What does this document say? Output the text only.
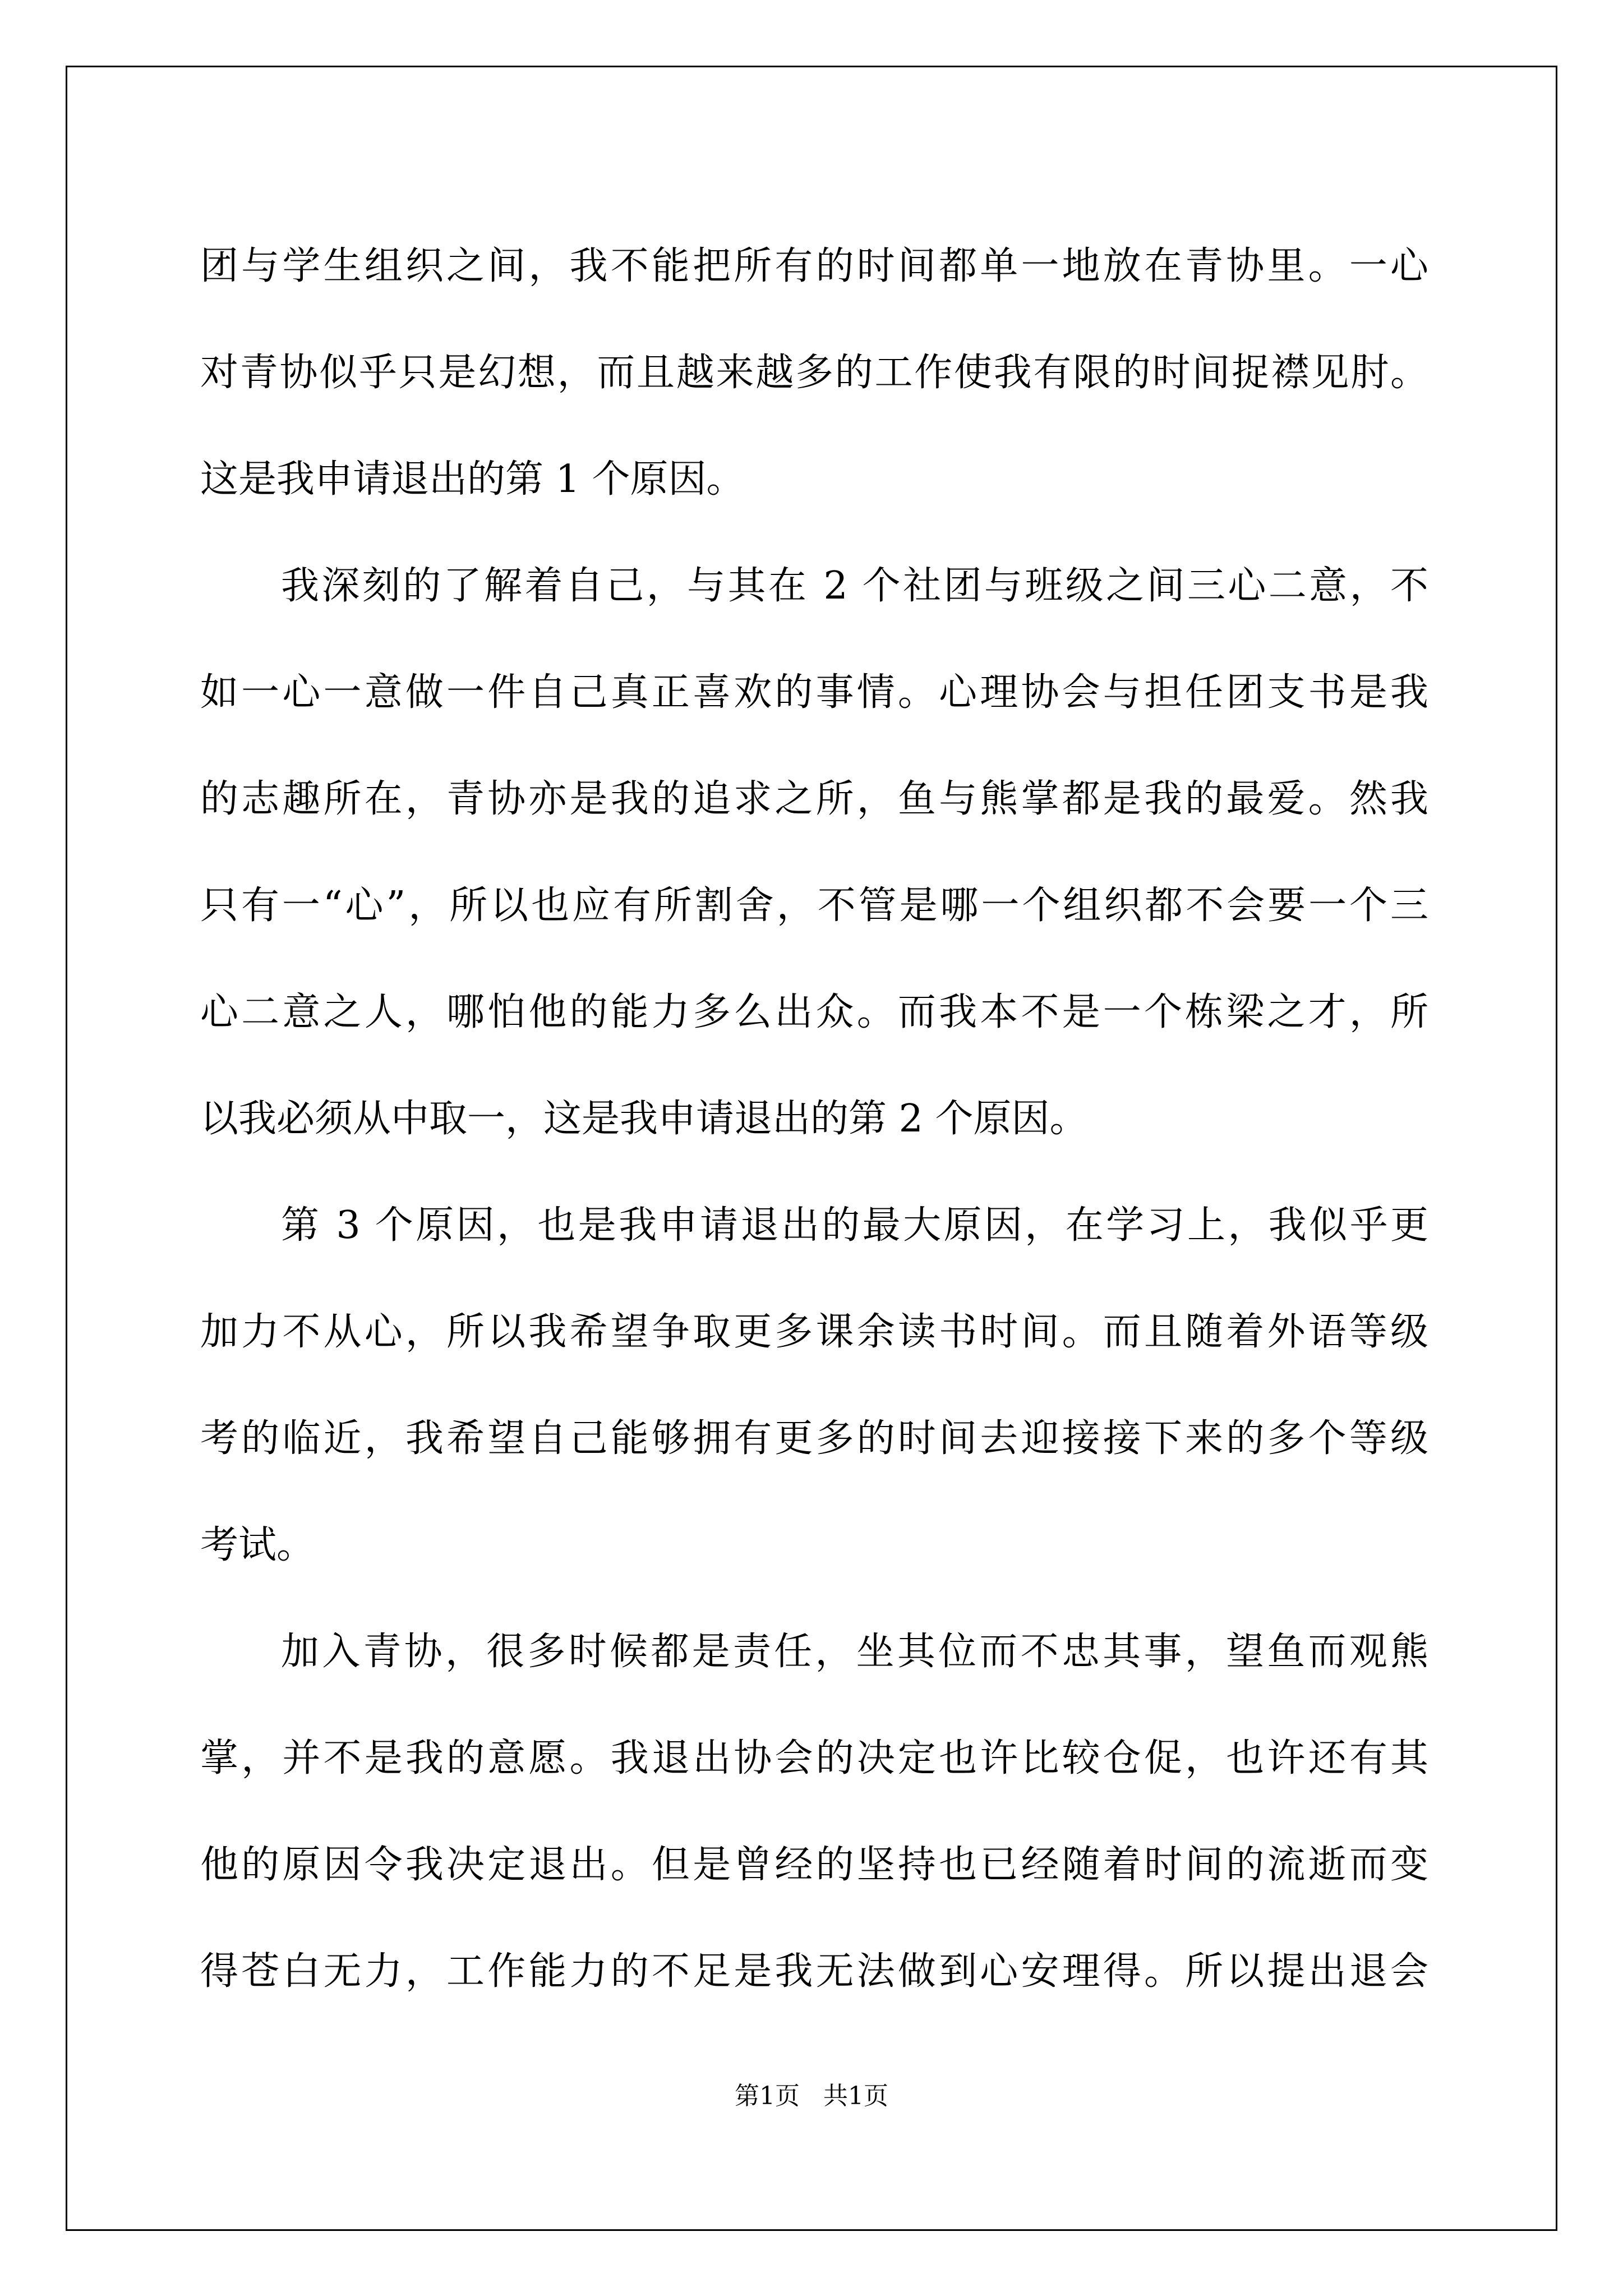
团与学生组织之间，我不能把所有的时间都单一地放在青协里。一心
对青协似乎只是幻想，而且越来越多的工作使我有限的时间捉襟见肘。
这是我申请退出的第 1 个原因。
我深刻的了解着自己，与其在 2 个社团与班级之间三心二意，不
如一心一意做一件自己真正喜欢的事情。心理协会与担任团支书是我
的志趣所在，青协亦是我的追求之所，鱼与熊掌都是我的最爱。然我
只有一“心”，所以也应有所割舍，不管是哪一个组织都不会要一个三
心二意之人，哪怕他的能力多么出众。而我本不是一个栋梁之才，所
以我必须从中取一，这是我申请退出的第 2 个原因。
第 3 个原因，也是我申请退出的最大原因，在学习上，我似乎更
加力不从心，所以我希望争取更多课余读书时间。而且随着外语等级
考的临近，我希望自己能够拥有更多的时间去迎接接下来的多个等级
考试。
加入青协，很多时候都是责任，坐其位而不忠其事，望鱼而观熊
掌，并不是我的意愿。我退出协会的决定也许比较仓促，也许还有其
他的原因令我决定退出。但是曾经的坚持也已经随着时间的流逝而变
得苍白无力，工作能力的不足是我无法做到心安理得。所以提出退会
第1页   共1页
